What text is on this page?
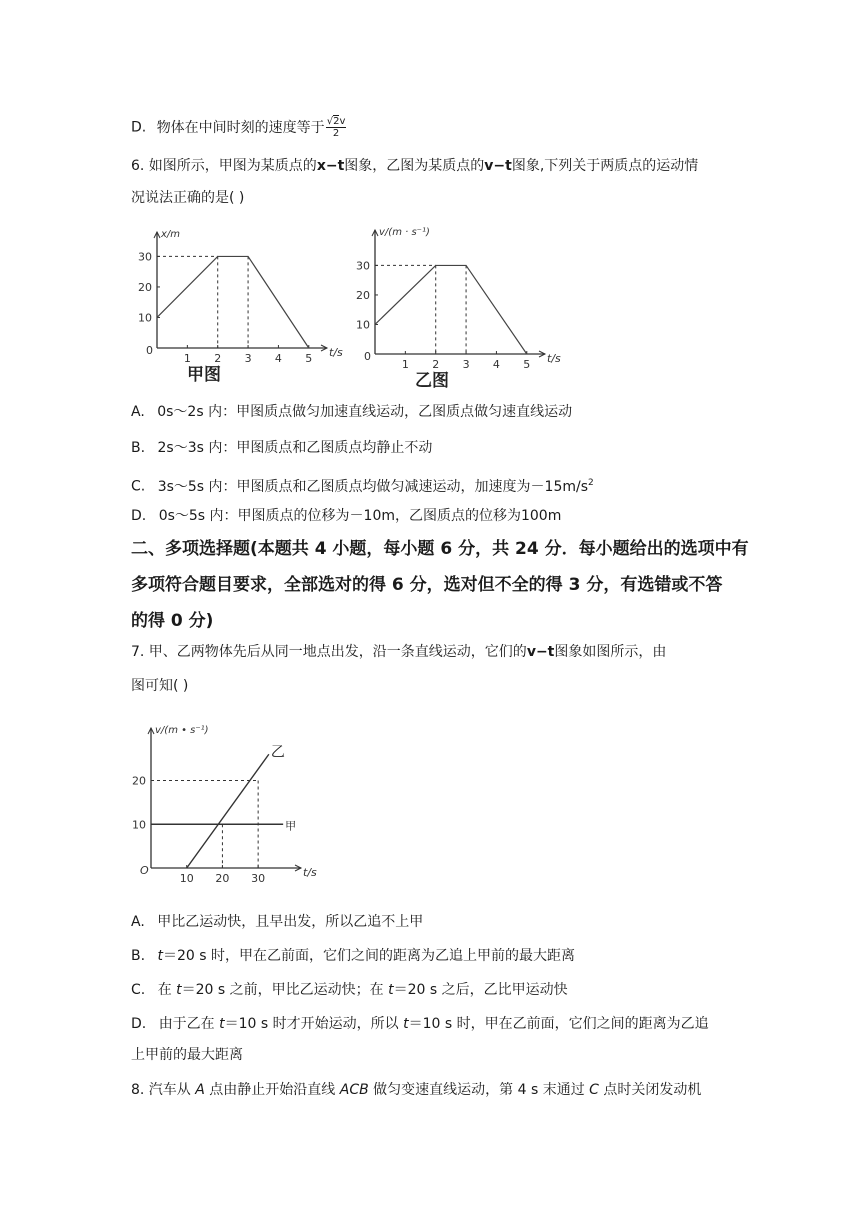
D. 物体在中间时刻的速度等于 $\frac{√2v}{2}$
6. 如图所示，甲图为某质点的x−t图象，乙图为某质点的v−t图象,下列关于两质点的运动情
况说法正确的是( )
0
1 2 3 4 5
10
20
30
t/s
x/m
甲图
0
1 2 3 4 5
10
20
30
t/s
v/(m · s⁻¹)
乙图
A. 0s～2s 内：甲图质点做匀加速直线运动，乙图质点做匀速直线运动
B. 2s～3s 内：甲图质点和乙图质点均静止不动
C. 3s～5s 内：甲图质点和乙图质点均做匀减速运动，加速度为$-15m/s^2$
D. 0s～5s 内：甲图质点的位移为－10m，乙图质点的位移为100m
二、多项选择题(本题共 4 小题，每小题 6 分，共 24 分．每小题给出的选项中有
多项符合题目要求，全部选对的得 6 分，选对但不全的得 3 分，有选错或不答
的得 0 分)
7. 甲、乙两物体先后从同一地点出发，沿一条直线运动，它们的v−t图象如图所示，由
图可知( )
O
10 20 30
10
20
t/s
v/(m • s⁻¹)
甲
乙
A. 甲比乙运动快，且早出发，所以乙追不上甲
B. t＝20 s 时，甲在乙前面，它们之间的距离为乙追上甲前的最大距离
C. 在 t＝20 s 之前，甲比乙运动快；在 t＝20 s 之后，乙比甲运动快
D. 由于乙在 t＝10 s 时才开始运动，所以 t＝10 s 时，甲在乙前面，它们之间的距离为乙追
上甲前的最大距离
8. 汽车从 A 点由静止开始沿直线 ACB 做匀变速直线运动，第 4 s 末通过 C 点时关闭发动机
